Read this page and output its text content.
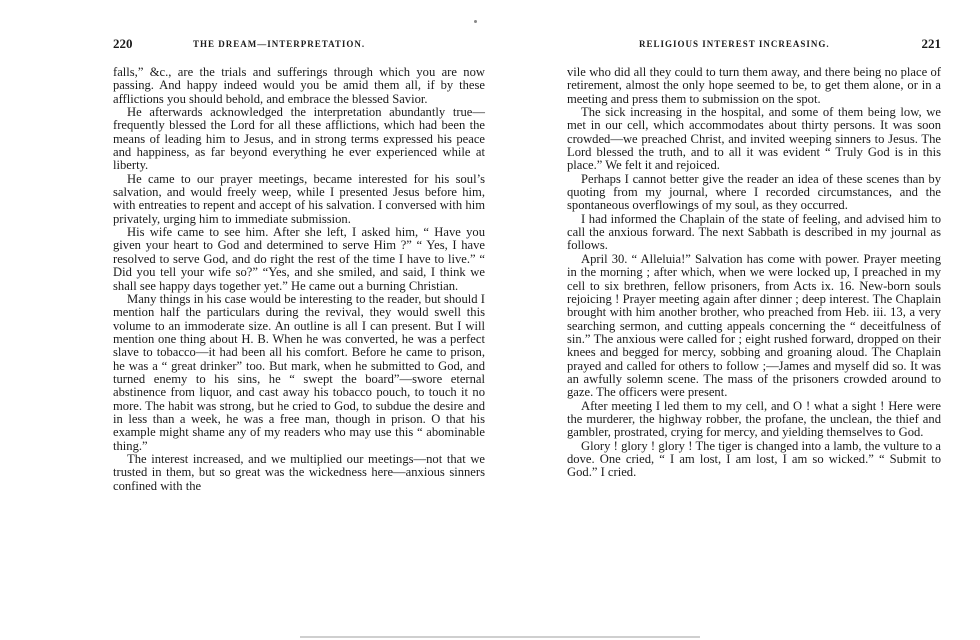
220	THE DREAM—INTERPRETATION.

falls,” &c., are the trials and sufferings through which you are now passing. And happy indeed would you be amid them all, if by these afflictions you should behold, and embrace the blessed Savior.

He afterwards acknowledged the interpretation abundantly true—frequently blessed the Lord for all these afflictions, which had been the means of leading him to Jesus, and in strong terms expressed his peace and happiness, as far beyond everything he ever experienced while at liberty.

He came to our prayer meetings, became interested for his soul’s salvation, and would freely weep, while I presented Jesus before him, with entreaties to repent and accept of his salvation. I conversed with him privately, urging him to immediate submission.

His wife came to see him. After she left, I asked him, “ Have you given your heart to God and determined to serve Him ?” “ Yes, I have resolved to serve God, and do right the rest of the time I have to live.” “ Did you tell your wife so?” “Yes, and she smiled, and said, I think we shall see happy days together yet.” He came out a burning Christian.

Many things in his case would be interesting to the reader, but should I mention half the particulars during the revival, they would swell this volume to an immoderate size. An outline is all I can present. But I will mention one thing about H. B. When he was converted, he was a perfect slave to tobacco—it had been all his comfort. Before he came to prison, he was a “ great drinker” too. But mark, when he submitted to God, and turned enemy to his sins, he “ swept the board”—swore eternal abstinence from liquor, and cast away his tobacco pouch, to touch it no more. The habit was strong, but he cried to God, to subdue the desire and in less than a week, he was a free man, though in prison. O that his example might shame any of my readers who may use this “ abominable thing.”

The interest increased, and we multiplied our meetings—not that we trusted in them, but so great was the wickedness here—anxious sinners confined with the

RELIGIOUS INTEREST INCREASING.	221

vile who did all they could to turn them away, and there being no place of retirement, almost the only hope seemed to be, to get them alone, or in a meeting and press them to submission on the spot.

The sick increasing in the hospital, and some of them being low, we met in our cell, which accommodates about thirty persons. It was soon crowded—we preached Christ, and invited weeping sinners to Jesus. The Lord blessed the truth, and to all it was evident “ Truly God is in this place.” We felt it and rejoiced.

Perhaps I cannot better give the reader an idea of these scenes than by quoting from my journal, where I recorded circumstances, and the spontaneous overflowings of my soul, as they occurred.

I had informed the Chaplain of the state of feeling, and advised him to call the anxious forward. The next Sabbath is described in my journal as follows.

April 30. “ Alleluia!” Salvation has come with power. Prayer meeting in the morning ; after which, when we were locked up, I preached in my cell to six brethren, fellow prisoners, from Acts ix. 16. New-born souls rejoicing ! Prayer meeting again after dinner ; deep interest. The Chaplain brought with him another brother, who preached from Heb. iii. 13, a very searching sermon, and cutting appeals concerning the “ deceitfulness of sin.” The anxious were called for ; eight rushed forward, dropped on their knees and begged for mercy, sobbing and groaning aloud. The Chaplain prayed and called for others to follow ;—James and myself did so. It was an awfully solemn scene. The mass of the prisoners crowded around to gaze. The officers were present.

After meeting I led them to my cell, and O ! what a sight ! Here were the murderer, the highway robber, the profane, the unclean, the thief and gambler, prostrated, crying for mercy, and yielding themselves to God.

Glory ! glory ! glory ! The tiger is changed into a lamb, the vulture to a dove. One cried, “ I am lost, I am lost, I am so wicked.” “ Submit to God.” I cried.
